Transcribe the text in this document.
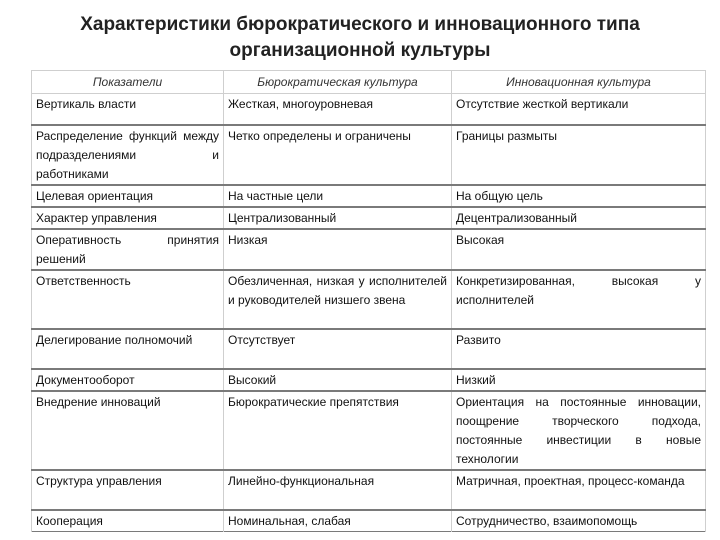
Характеристики бюрократического и инновационного типа
организационной культуры
Показатели	Бюрократическая культура	Инновационная культура
Вертикаль власти	Жесткая, многоуровневая	Отсутствие жесткой вертикали
Распределение функций между подразделениями и работниками	Четко определены и ограничены	Границы размыты
Целевая ориентация	На частные цели	На общую цель
Характер управления	Централизованный	Децентрализованный
Оперативность принятия решений	Низкая	Высокая
Ответственность	Обезличенная, низкая у исполнителей и руководителей низшего звена	Конкретизированная, высокая у исполнителей
Делегирование полномочий	Отсутствует	Развито
Документооборот	Высокий	Низкий
Внедрение инноваций	Бюрократические препятствия	Ориентация на постоянные инновации, поощрение творческого подхода, постоянные инвестиции в новые технологии
Структура управления	Линейно-функциональная	Матричная, проектная, процесс-команда
Кооперация	Номинальная, слабая	Сотрудничество, взаимопомощь
